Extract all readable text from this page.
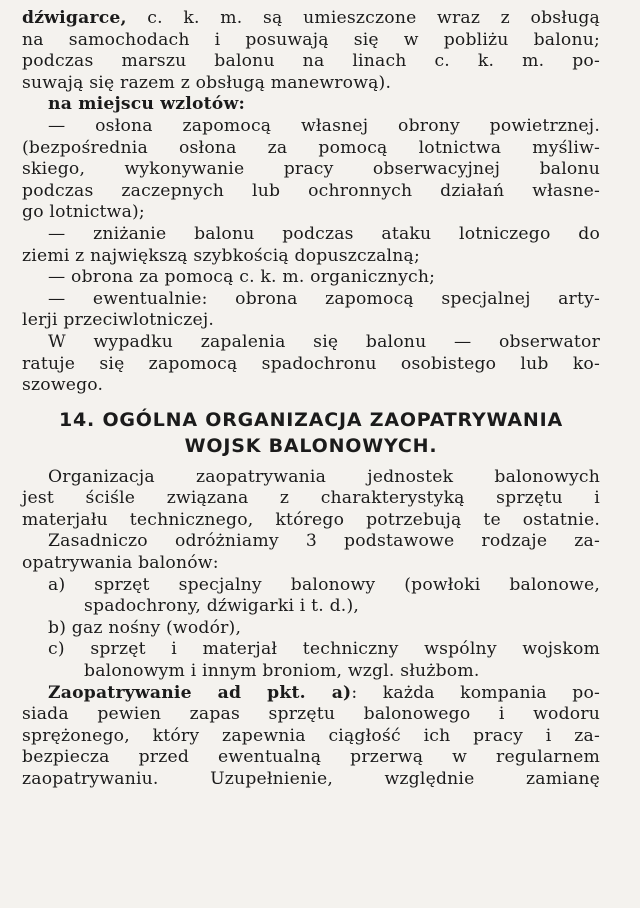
dźwigarce, c. k. m. są umieszczone wraz z obsługą
na samochodach i posuwają się w pobliżu balonu;
podczas marszu balonu na linach c. k. m. po-
suwają się razem z obsługą manewrową).
na miejscu wzlotów:
— osłona zapomocą własnej obrony powietrznej.
(bezpośrednia osłona za pomocą lotnictwa myśliw-
skiego, wykonywanie pracy obserwacyjnej balonu
podczas zaczepnych lub ochronnych działań własne-
go lotnictwa);
— zniżanie balonu podczas ataku lotniczego do
ziemi z największą szybkością dopuszczalną;
— obrona za pomocą c. k. m. organicznych;
— ewentualnie: obrona zapomocą specjalnej arty-
lerji przeciwlotniczej.
W wypadku zapalenia się balonu — obserwator
ratuje się zapomocą spadochronu osobistego lub ko-
szowego.
14. OGÓLNA ORGANIZACJA ZAOPATRYWANIA
WOJSK BALONOWYCH.
Organizacja zaopatrywania jednostek balonowych
jest ściśle związana z charakterystyką sprzętu i
materjału technicznego, którego potrzebują te ostatnie.
Zasadniczo odróżniamy 3 podstawowe rodzaje za-
opatrywania balonów:
a) sprzęt specjalny balonowy (powłoki balonowe,
spadochrony, dźwigarki i t. d.),
b) gaz nośny (wodór),
c) sprzęt i materjał techniczny wspólny wojskom
balonowym i innym broniom, wzgl. służbom.
Zaopatrywanie ad pkt. a): każda kompania po-
siada pewien zapas sprzętu balonowego i wodoru
sprężonego, który zapewnia ciągłość ich pracy i za-
bezpiecza przed ewentualną przerwą w regularnem
zaopatrywaniu. Uzupełnienie, względnie zamianę
